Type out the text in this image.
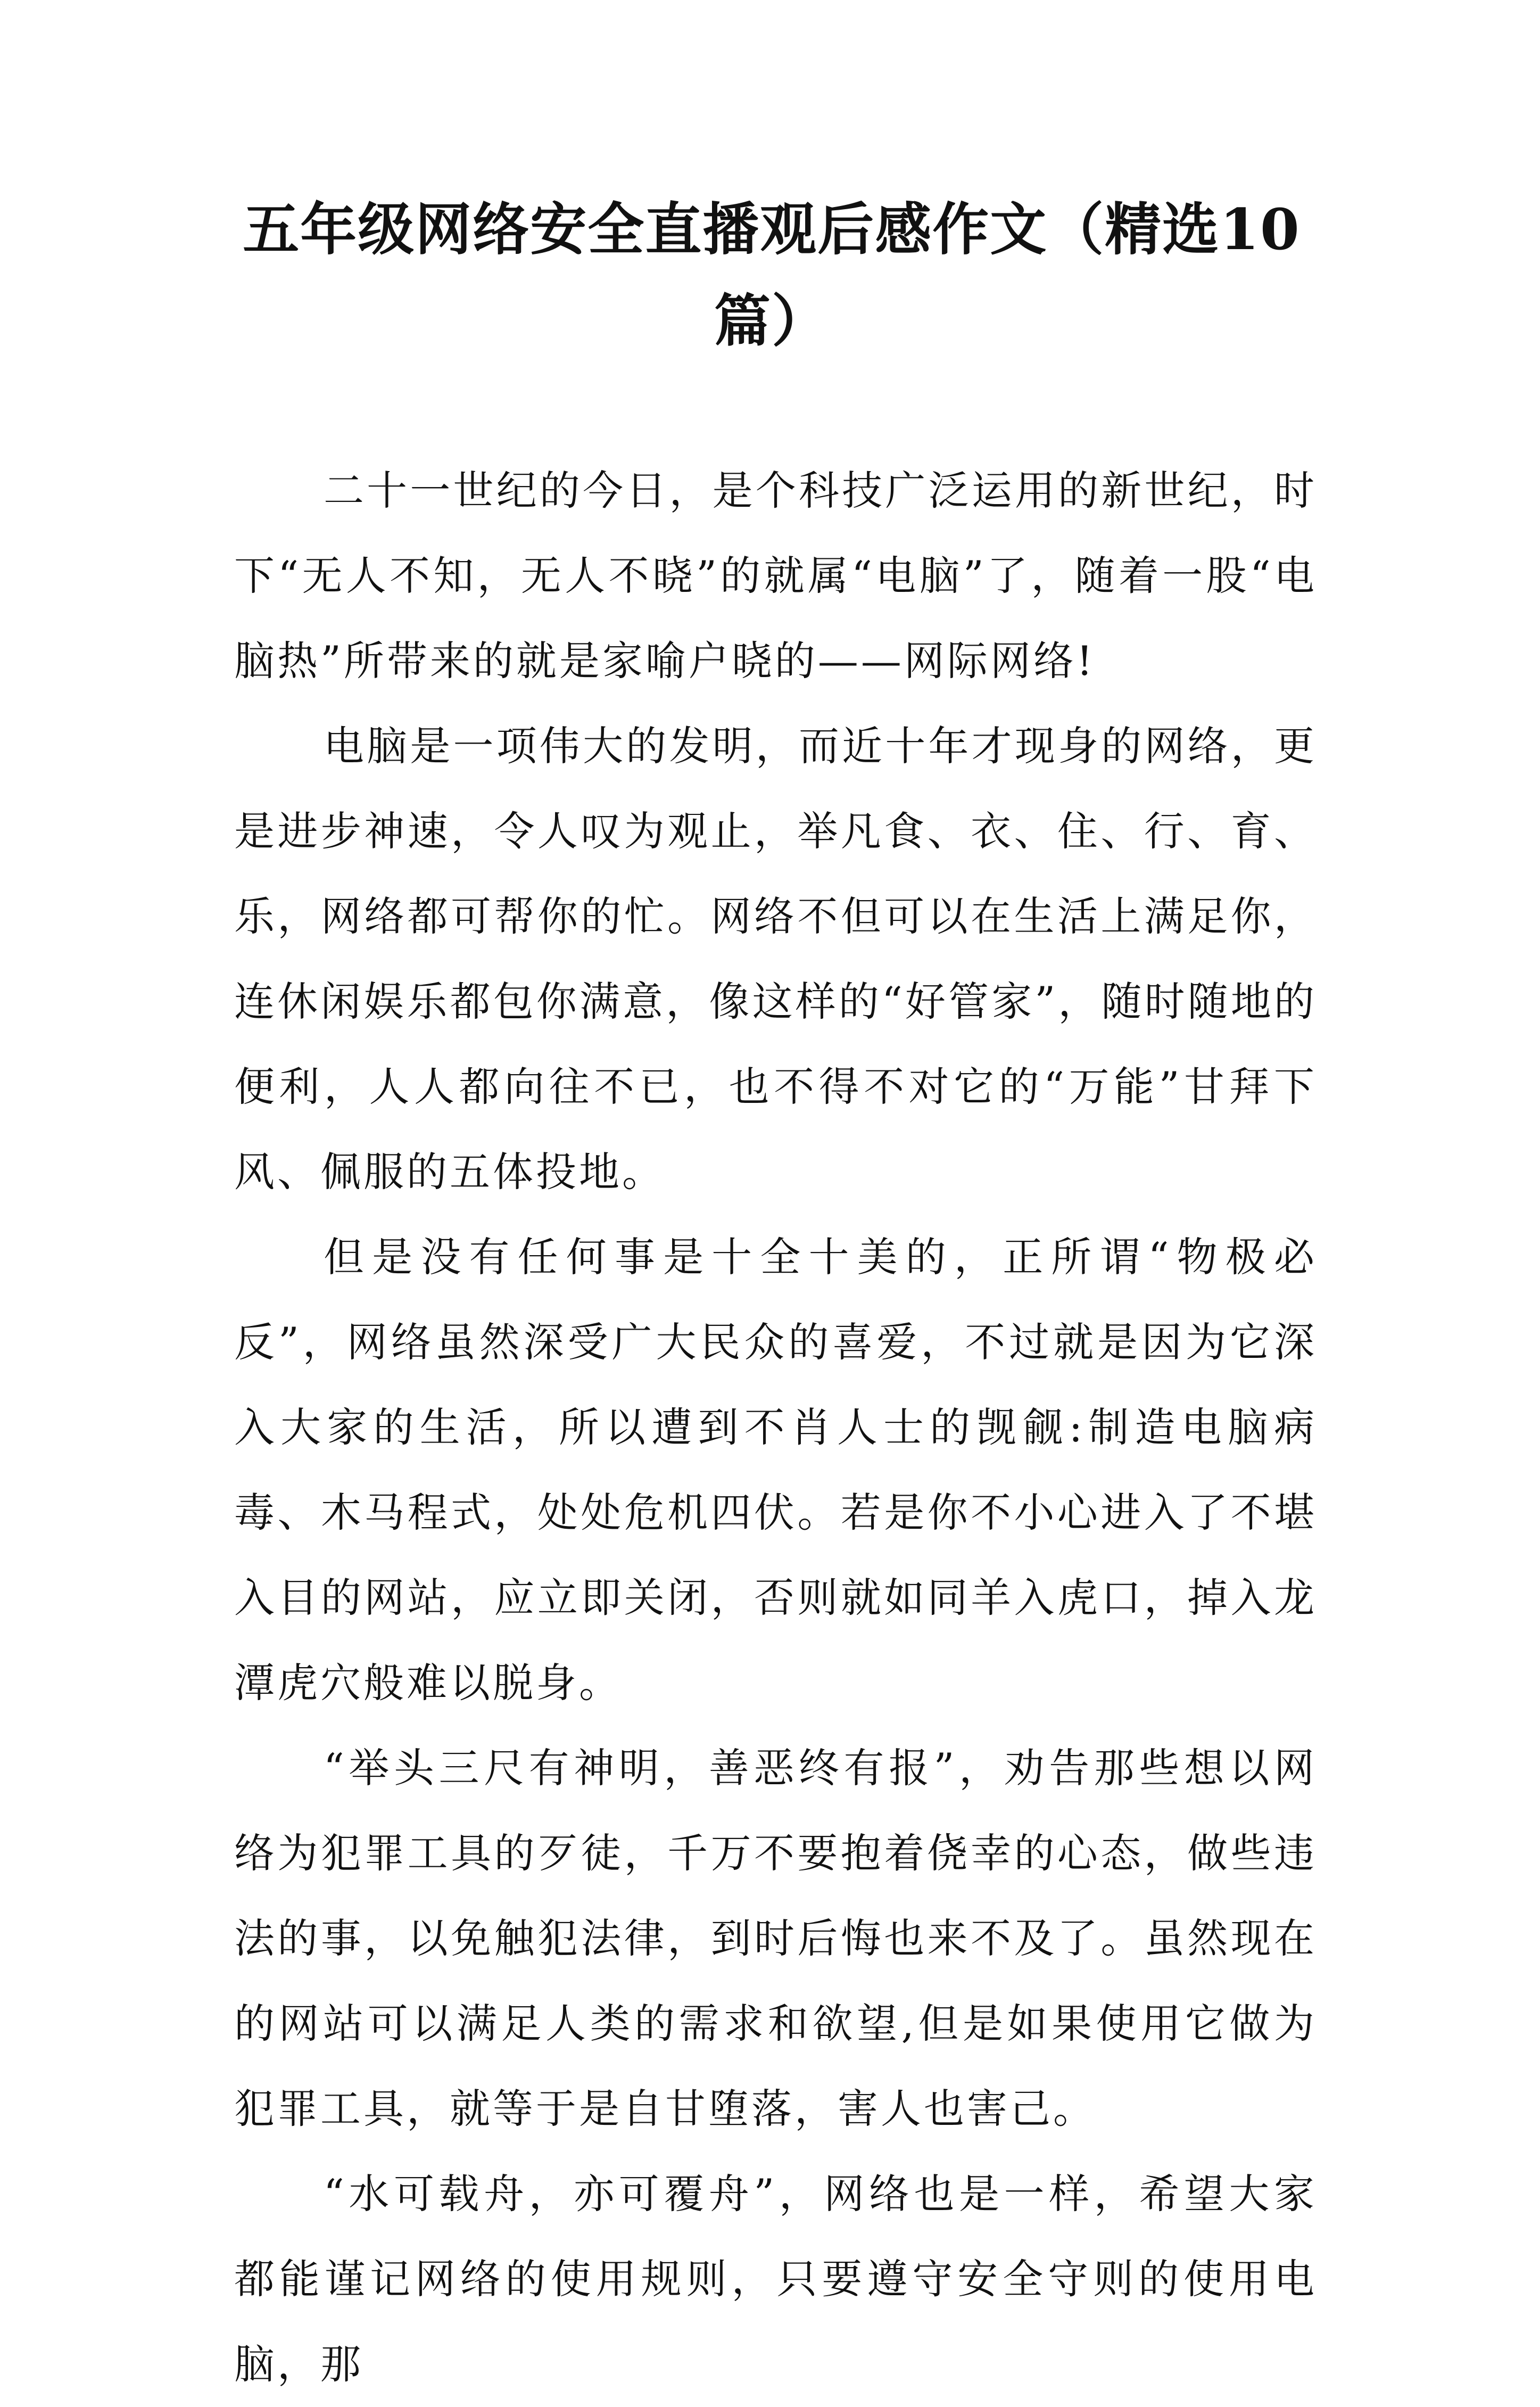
五年级网络安全直播观后感作文（精选10篇）

二十一世纪的今日，是个科技广泛运用的新世纪，时下“无人不知，无人不晓”的就属“电脑”了，随着一股“电脑热”所带来的就是家喻户晓的——网际网络!

电脑是一项伟大的发明，而近十年才现身的网络，更是进步神速，令人叹为观止，举凡食、衣、住、行、育、乐，网络都可帮你的忙。网络不但可以在生活上满足你，连休闲娱乐都包你满意，像这样的“好管家”，随时随地的便利，人人都向往不已，也不得不对它的“万能”甘拜下风、佩服的五体投地。

但是没有任何事是十全十美的，正所谓“物极必反”，网络虽然深受广大民众的喜爱，不过就是因为它深入大家的生活，所以遭到不肖人士的觊觎:制造电脑病毒、木马程式，处处危机四伏。若是你不小心进入了不堪入目的网站，应立即关闭，否则就如同羊入虎口，掉入龙潭虎穴般难以脱身。

“举头三尺有神明，善恶终有报”，劝告那些想以网络为犯罪工具的歹徒，千万不要抱着侥幸的心态，做些违法的事，以免触犯法律，到时后悔也来不及了。虽然现在的网站可以满足人类的需求和欲望,但是如果使用它做为犯罪工具，就等于是自甘堕落，害人也害己。

“水可载舟，亦可覆舟”，网络也是一样，希望大家都能谨记网络的使用规则，只要遵守安全守则的使用电脑，那
